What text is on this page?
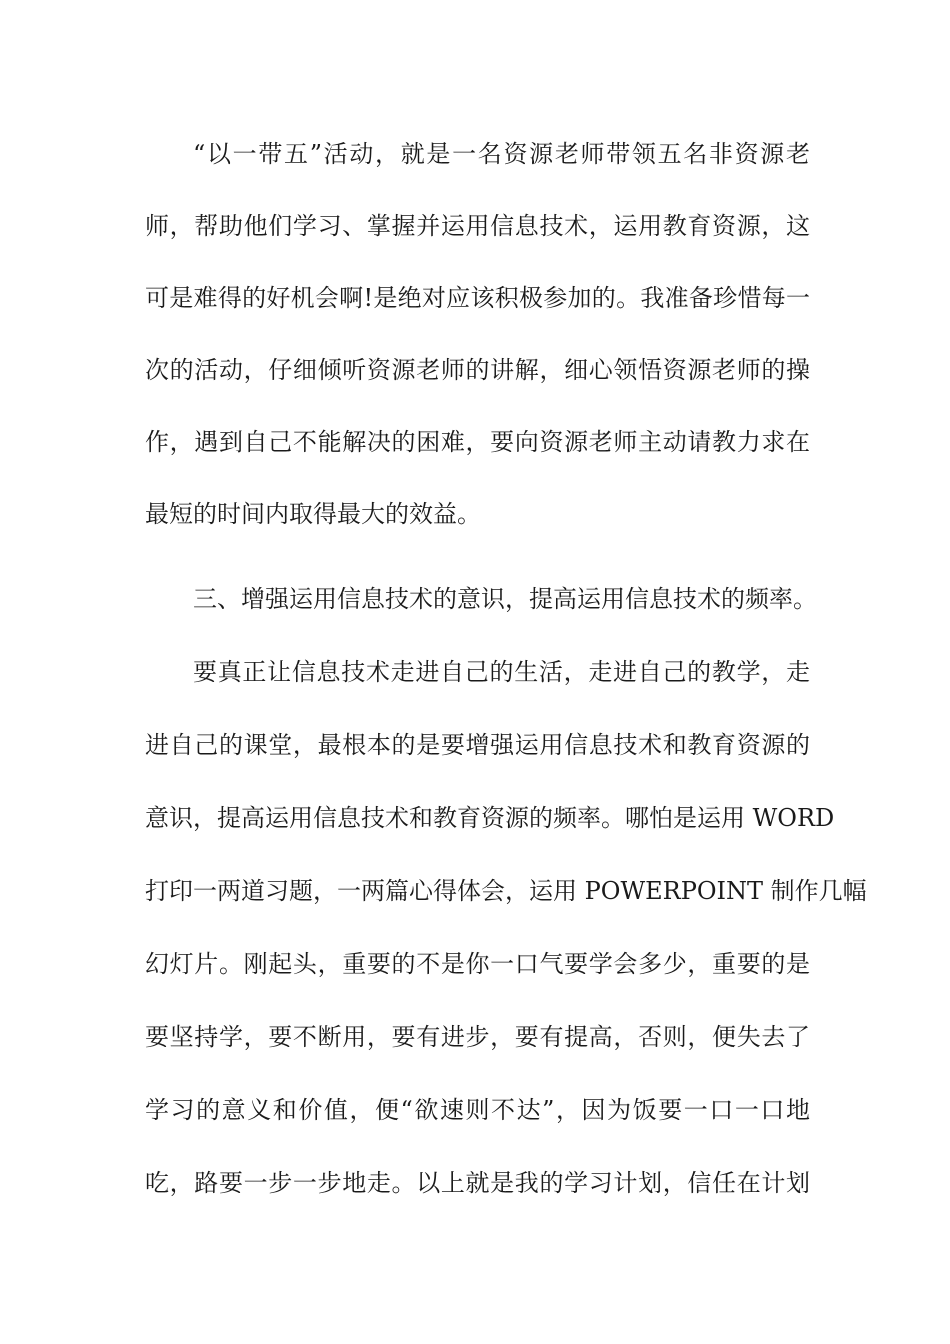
“以一带五”活动，就是一名资源老师带领五名非资源老
师，帮助他们学习、掌握并运用信息技术，运用教育资源，这
可是难得的好机会啊!是绝对应该积极参加的。我准备珍惜每一
次的活动，仔细倾听资源老师的讲解，细心领悟资源老师的操
作，遇到自己不能解决的困难，要向资源老师主动请教力求在
最短的时间内取得最大的效益。
三、增强运用信息技术的意识，提高运用信息技术的频率。
要真正让信息技术走进自己的生活，走进自己的教学，走
进自己的课堂，最根本的是要增强运用信息技术和教育资源的
意识，提高运用信息技术和教育资源的频率。哪怕是运用 WORD
打印一两道习题，一两篇心得体会，运用 POWERPOINT 制作几幅
幻灯片。刚起头，重要的不是你一口气要学会多少，重要的是
要坚持学，要不断用，要有进步，要有提高，否则，便失去了
学习的意义和价值，便“欲速则不达”，因为饭要一口一口地
吃，路要一步一步地走。以上就是我的学习计划，信任在计划
